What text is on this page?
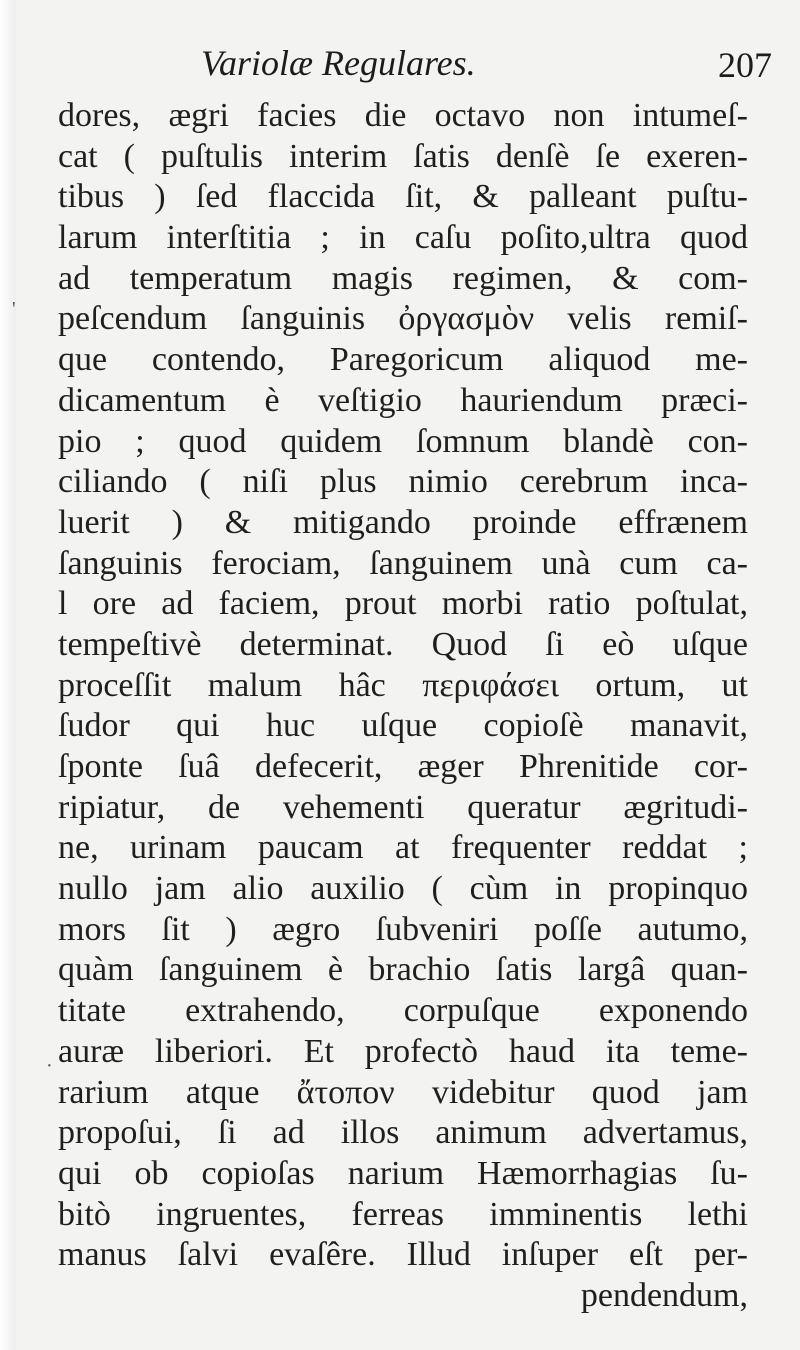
Variolæ Regulares.	207
'
·
dores, ægri facies die octavo non intumeſ-
cat ( puſtulis interim ſatis denſè ſe exeren-
tibus ) ſed flaccida ſit, & palleant puſtu-
larum interſtitia ; in caſu poſito,ultra quod
ad temperatum magis regimen, & com-
peſcendum ſanguinis ὀργασμὸν velis remiſ-
que contendo, Paregoricum aliquod me-
dicamentum è veſtigio hauriendum præci-
pio ; quod quidem ſomnum blandè con-
ciliando ( niſi plus nimio cerebrum inca-
luerit ) & mitigando proinde effrænem
ſanguinis ferociam, ſanguinem unà cum ca-
l ore ad faciem, prout morbi ratio poſtulat,
tempeſtivè determinat. Quod ſi eò uſque
proceſſit malum hâc περιφάσει ortum, ut
ſudor qui huc uſque copioſè manavit,
ſponte ſuâ defecerit, æger Phrenitide cor-
ripiatur, de vehementi queratur ægritudi-
ne, urinam paucam at frequenter reddat ;
nullo jam alio auxilio ( cùm in propinquo
mors ſit ) ægro ſubveniri poſſe autumo,
quàm ſanguinem è brachio ſatis largâ quan-
titate extrahendo, corpuſque exponendo
auræ liberiori. Et profectò haud ita teme-
rarium atque ἄτοπον videbitur quod jam
propoſui, ſi ad illos animum advertamus,
qui ob copioſas narium Hæmorrhagias ſu-
bitò ingruentes, ferreas imminentis lethi
manus ſalvi evaſêre. Illud inſuper eſt per-
pendendum,
